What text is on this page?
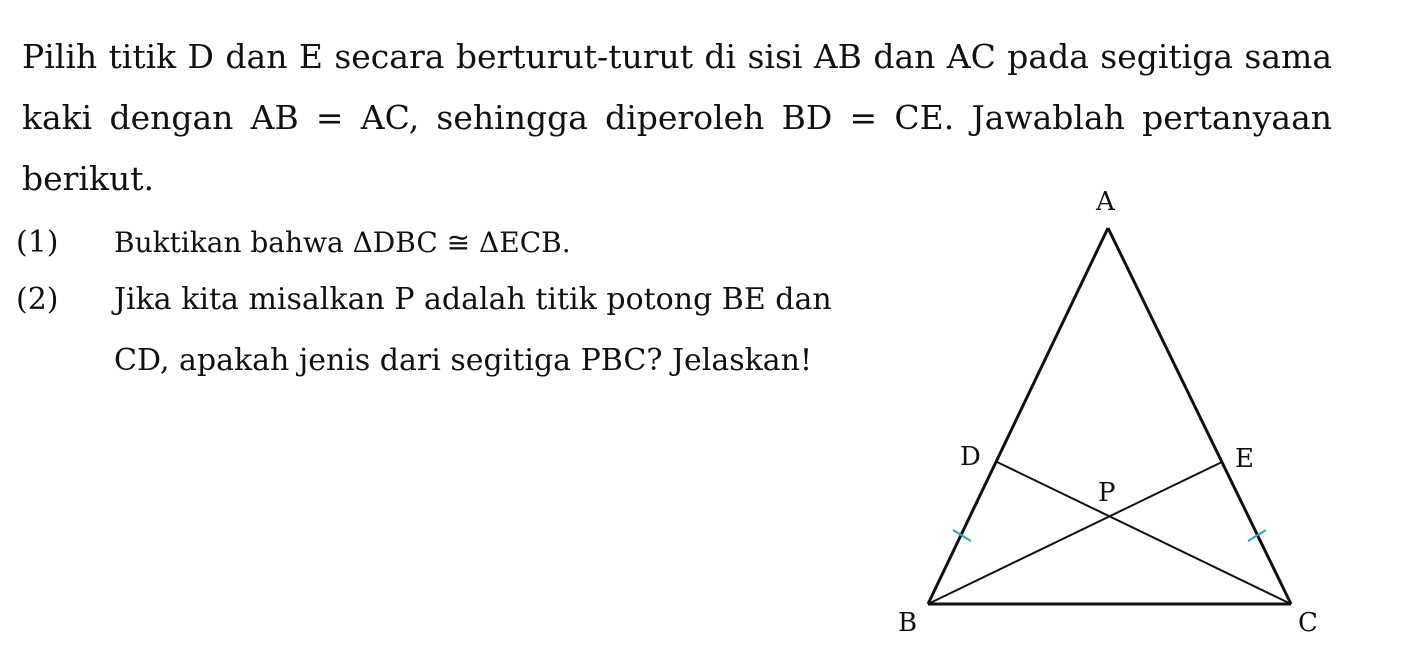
Pilih titik D dan E secara berturut-turut di sisi AB dan AC pada segitiga sama kaki dengan AB = AC, sehingga diperoleh BD = CE. Jawablah pertanyaan berikut.

(1)	Buktikan bahwa ΔDBC ≅ ΔECB.
(2)	Jika kita misalkan P adalah titik potong BE dan CD, apakah jenis dari segitiga PBC? Jelaskan!
A
D	E
P
B	C
